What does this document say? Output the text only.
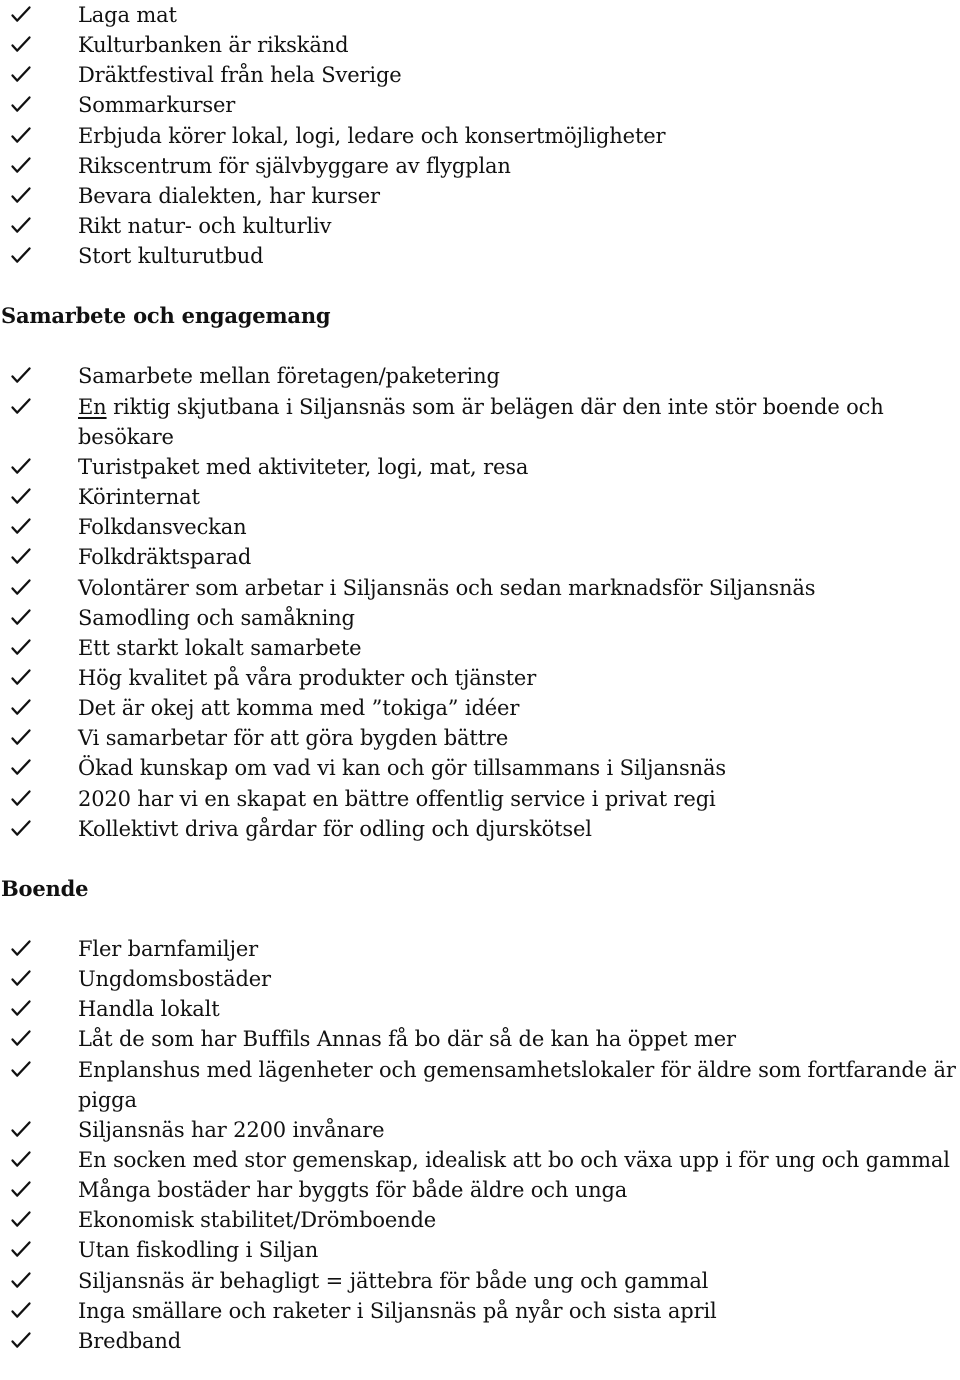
Laga mat
Kulturbanken är rikskänd
Dräktfestival från hela Sverige
Sommarkurser
Erbjuda körer lokal, logi, ledare och konsertmöjligheter
Rikscentrum för självbyggare av flygplan
Bevara dialekten, har kurser
Rikt natur- och kulturliv
Stort kulturutbud
Samarbete och engagemang
Samarbete mellan företagen/paketering
En riktig skjutbana i Siljansnäs som är belägen där den inte stör boende och besökare
Turistpaket med aktiviteter, logi, mat, resa
Körinternat
Folkdansveckan
Folkdräktsparad
Volontärer som arbetar i Siljansnäs och sedan marknadsför Siljansnäs
Samodling och samåkning
Ett starkt lokalt samarbete
Hög kvalitet på våra produkter och tjänster
Det är okej att komma med ”tokiga” idéer
Vi samarbetar för att göra bygden bättre
Ökad kunskap om vad vi kan och gör tillsammans i Siljansnäs
2020 har vi en skapat en bättre offentlig service i privat regi
Kollektivt driva gårdar för odling och djurskötsel
Boende
Fler barnfamiljer
Ungdomsbostäder
Handla lokalt
Låt de som har Buffils Annas få bo där så de kan ha öppet mer
Enplanshus med lägenheter och gemensamhetslokaler för äldre som fortfarande är pigga
Siljansnäs har 2200 invånare
En socken med stor gemenskap, idealisk att bo och växa upp i för ung och gammal
Många bostäder har byggts för både äldre och unga
Ekonomisk stabilitet/Drömboende
Utan fiskodling i Siljan
Siljansnäs är behagligt = jättebra för både ung och gammal
Inga smällare och raketer i Siljansnäs på nyår och sista april
Bredband
